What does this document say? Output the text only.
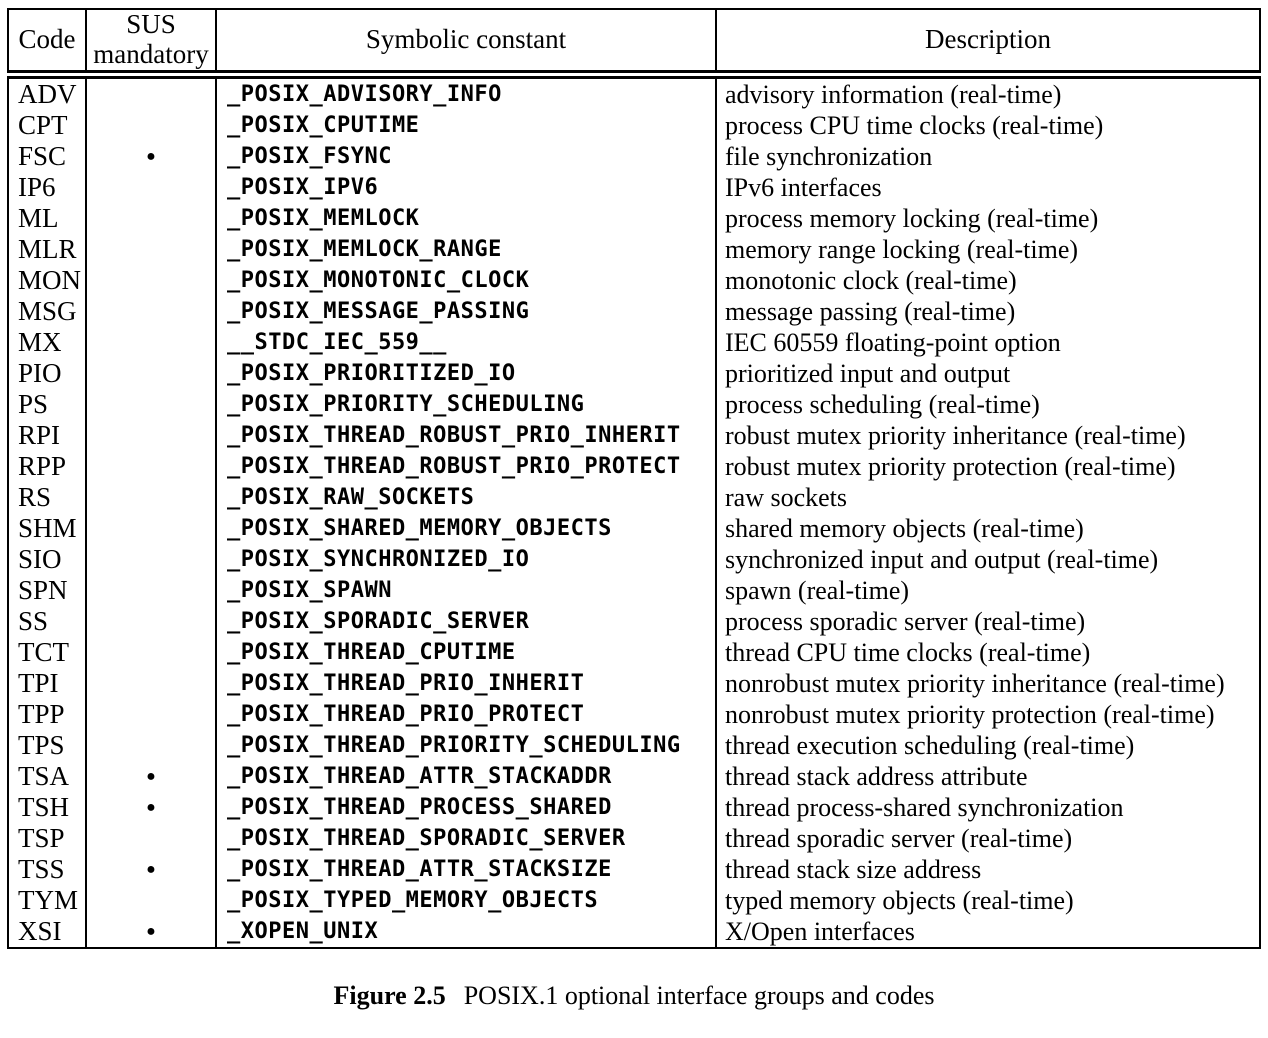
Code	SUS mandatory	Symbolic constant	Description
ADV		_POSIX_ADVISORY_INFO	advisory information (real-time)
CPT		_POSIX_CPUTIME	process CPU time clocks (real-time)
FSC	●	_POSIX_FSYNC	file synchronization
IP6		_POSIX_IPV6	IPv6 interfaces
ML		_POSIX_MEMLOCK	process memory locking (real-time)
MLR		_POSIX_MEMLOCK_RANGE	memory range locking (real-time)
MON		_POSIX_MONOTONIC_CLOCK	monotonic clock (real-time)
MSG		_POSIX_MESSAGE_PASSING	message passing (real-time)
MX		__STDC_IEC_559__	IEC 60559 floating-point option
PIO		_POSIX_PRIORITIZED_IO	prioritized input and output
PS		_POSIX_PRIORITY_SCHEDULING	process scheduling (real-time)
RPI		_POSIX_THREAD_ROBUST_PRIO_INHERIT	robust mutex priority inheritance (real-time)
RPP		_POSIX_THREAD_ROBUST_PRIO_PROTECT	robust mutex priority protection (real-time)
RS		_POSIX_RAW_SOCKETS	raw sockets
SHM		_POSIX_SHARED_MEMORY_OBJECTS	shared memory objects (real-time)
SIO		_POSIX_SYNCHRONIZED_IO	synchronized input and output (real-time)
SPN		_POSIX_SPAWN	spawn (real-time)
SS		_POSIX_SPORADIC_SERVER	process sporadic server (real-time)
TCT		_POSIX_THREAD_CPUTIME	thread CPU time clocks (real-time)
TPI		_POSIX_THREAD_PRIO_INHERIT	nonrobust mutex priority inheritance (real-time)
TPP		_POSIX_THREAD_PRIO_PROTECT	nonrobust mutex priority protection (real-time)
TPS		_POSIX_THREAD_PRIORITY_SCHEDULING	thread execution scheduling (real-time)
TSA	●	_POSIX_THREAD_ATTR_STACKADDR	thread stack address attribute
TSH	●	_POSIX_THREAD_PROCESS_SHARED	thread process-shared synchronization
TSP		_POSIX_THREAD_SPORADIC_SERVER	thread sporadic server (real-time)
TSS	●	_POSIX_THREAD_ATTR_STACKSIZE	thread stack size address
TYM		_POSIX_TYPED_MEMORY_OBJECTS	typed memory objects (real-time)
XSI	●	_XOPEN_UNIX	X/Open interfaces
Figure 2.5 POSIX.1 optional interface groups and codes
